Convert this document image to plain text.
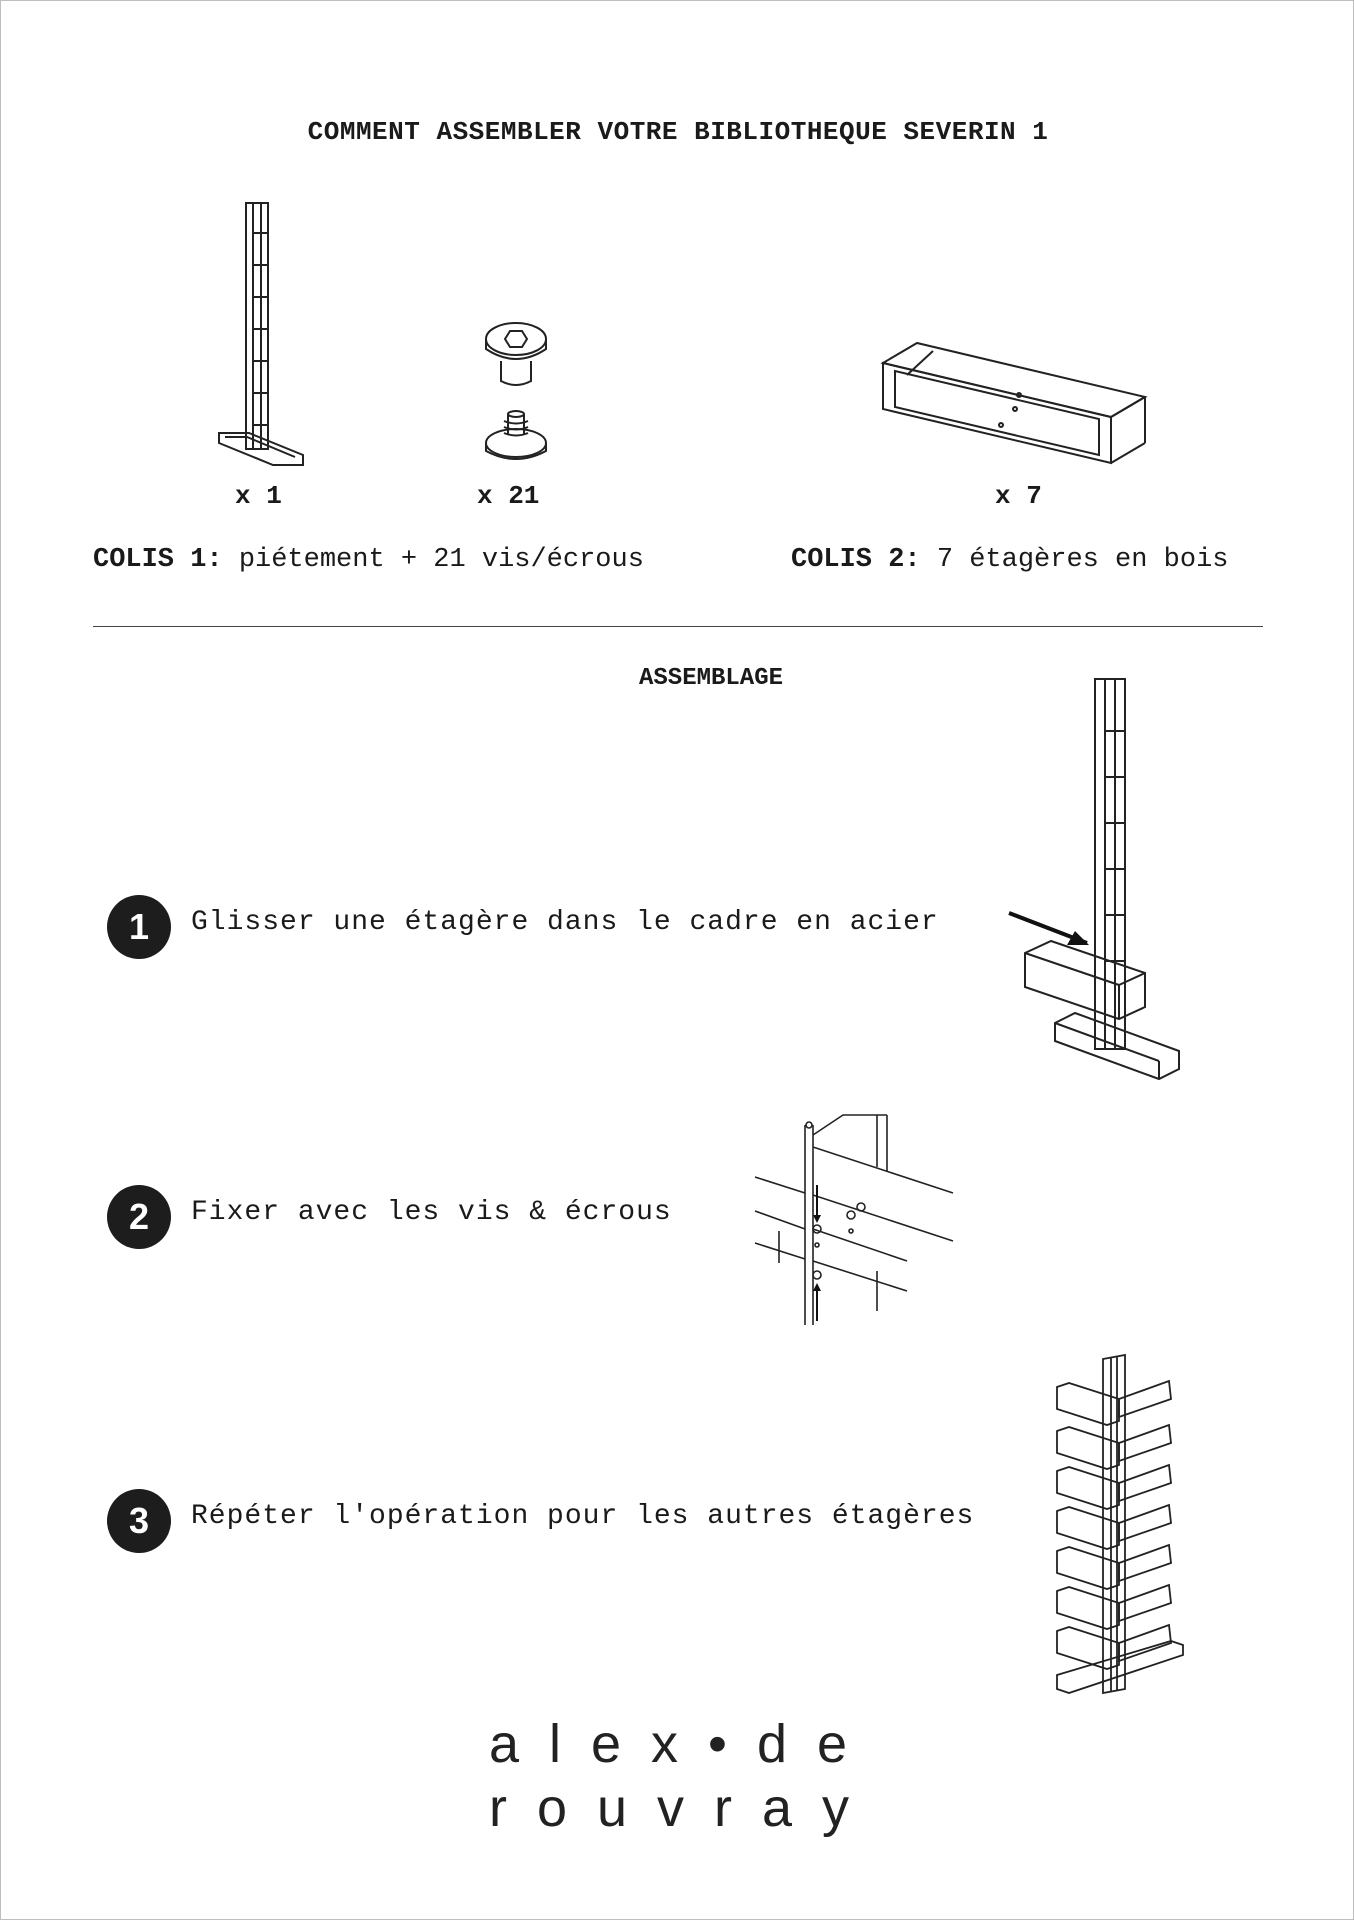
COMMENT ASSEMBLER VOTRE BIBLIOTHEQUE SEVERIN 1
x 1	x 21	x 7
COLIS 1: piétement + 21 vis/écrous	COLIS 2: 7 étagères en bois
ASSEMBLAGE
1	Glisser une étagère dans le cadre en acier
2	Fixer avec les vis & écrous
3	Répéter l'opération pour les autres étagères
alex•de
rouvray
